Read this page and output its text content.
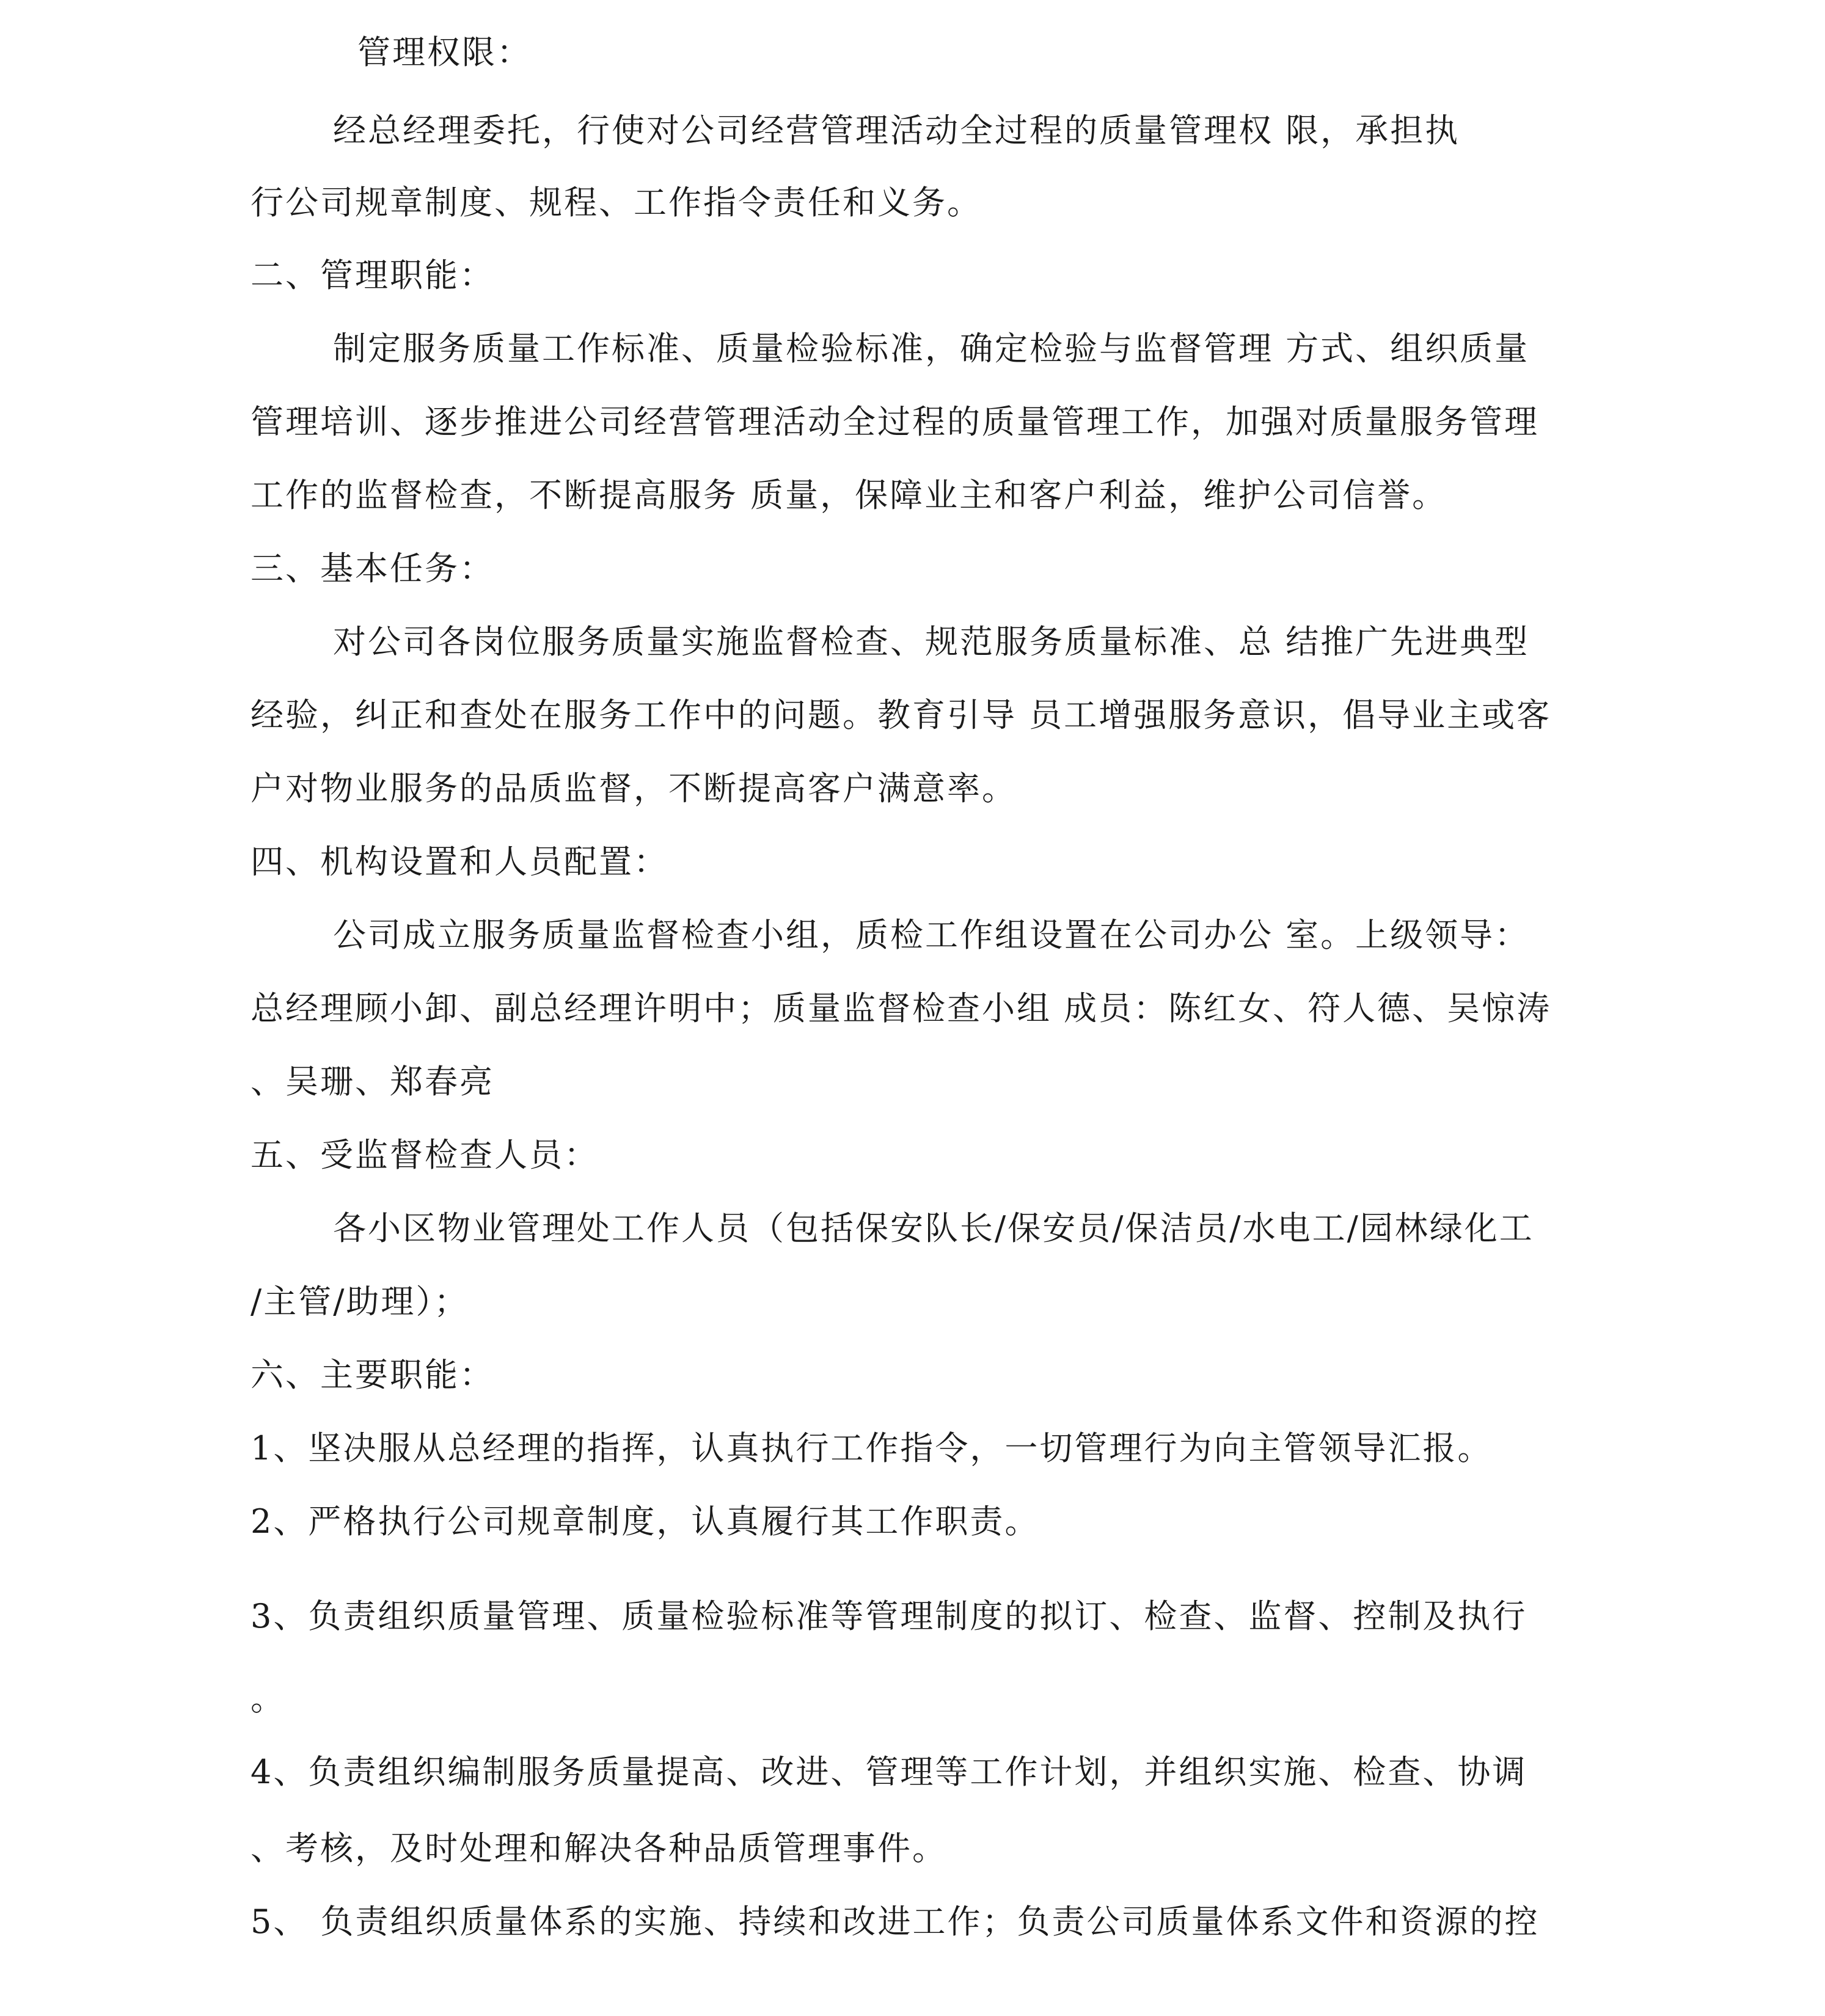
管理权限：
经总经理委托，行使对公司经营管理活动全过程的质量管理权 限，承担执
行公司规章制度、规程、工作指令责任和义务。
二、管理职能：
制定服务质量工作标准、质量检验标准，确定检验与监督管理 方式、组织质量
管理培训、逐步推进公司经营管理活动全过程的质量管理工作，加强对质量服务管理
工作的监督检查，不断提高服务 质量，保障业主和客户利益，维护公司信誉。
三、基本任务：
对公司各岗位服务质量实施监督检查、规范服务质量标准、总 结推广先进典型
经验，纠正和查处在服务工作中的问题。教育引导 员工增强服务意识，倡导业主或客
户对物业服务的品质监督，不断提高客户满意率。
四、机构设置和人员配置：
公司成立服务质量监督检查小组，质检工作组设置在公司办公 室。上级领导：
总经理顾小卸、副总经理许明中；质量监督检查小组 成员：陈红女、符人德、吴惊涛
、吴珊、郑春亮
五、受监督检查人员：
各小区物业管理处工作人员（包括保安队长/保安员/保洁员/水电工/园林绿化工
/主管/助理）；
六、主要职能：
1、坚决服从总经理的指挥，认真执行工作指令，一切管理行为向主管领导汇报。
2、严格执行公司规章制度，认真履行其工作职责。
3、负责组织质量管理、质量检验标准等管理制度的拟订、检查、监督、控制及执行
。
4、负责组织编制服务质量提高、改进、管理等工作计划，并组织实施、检查、协调
、考核，及时处理和解决各种品质管理事件。
5、 负责组织质量体系的实施、持续和改进工作；负责公司质量体系文件和资源的控
